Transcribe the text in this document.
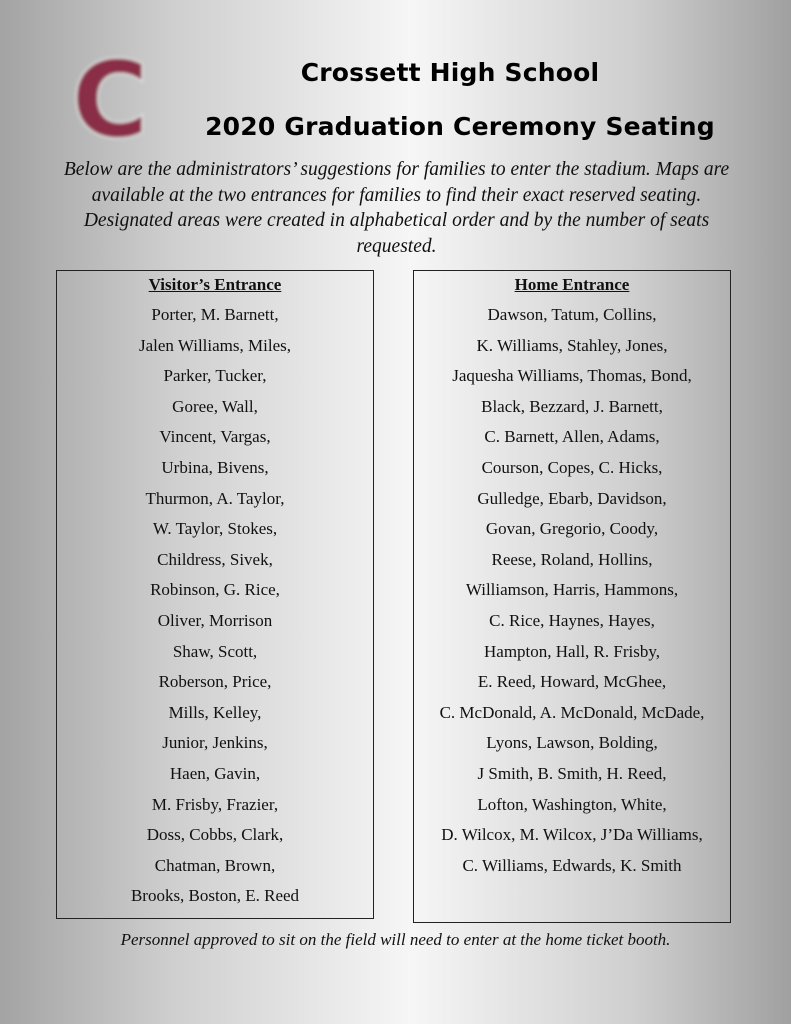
C	Crossett High School
2020 Graduation Ceremony Seating
Below are the administrators’ suggestions for families to enter the stadium. Maps are available at the two entrances for families to find their exact reserved seating. Designated areas were created in alphabetical order and by the number of seats requested.
Visitor’s Entrance
Porter, M. Barnett,
Jalen Williams, Miles,
Parker, Tucker,
Goree, Wall,
Vincent, Vargas,
Urbina, Bivens,
Thurmon, A. Taylor,
W. Taylor, Stokes,
Childress, Sivek,
Robinson, G. Rice,
Oliver, Morrison
Shaw, Scott,
Roberson, Price,
Mills, Kelley,
Junior, Jenkins,
Haen, Gavin,
M. Frisby, Frazier,
Doss, Cobbs, Clark,
Chatman, Brown,
Brooks, Boston, E. Reed
Home Entrance
Dawson, Tatum, Collins,
K. Williams, Stahley, Jones,
Jaquesha Williams, Thomas, Bond,
Black, Bezzard, J. Barnett,
C. Barnett, Allen, Adams,
Courson, Copes, C. Hicks,
Gulledge, Ebarb, Davidson,
Govan, Gregorio, Coody,
Reese, Roland, Hollins,
Williamson, Harris, Hammons,
C. Rice, Haynes, Hayes,
Hampton, Hall, R. Frisby,
E. Reed, Howard, McGhee,
C. McDonald, A. McDonald, McDade,
Lyons, Lawson, Bolding,
J Smith, B. Smith, H. Reed,
Lofton, Washington, White,
D. Wilcox, M. Wilcox, J’Da Williams,
C. Williams, Edwards, K. Smith
Personnel approved to sit on the field will need to enter at the home ticket booth.
